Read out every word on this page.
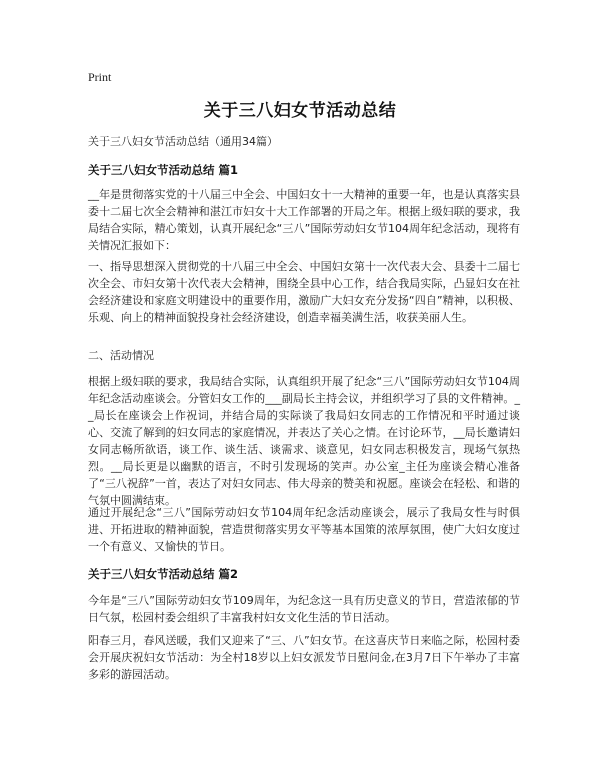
Print
关于三八妇女节活动总结
关于三八妇女节活动总结（通用34篇）
关于三八妇女节活动总结 篇1
__年是贯彻落实党的十八届三中全会、中国妇女十一大精神的重要一年，也是认真落实县委十二届七次全会精神和湛江市妇女十大工作部署的开局之年。根据上级妇联的要求，我局结合实际，精心策划，认真开展纪念“三八”国际劳动妇女节104周年纪念活动，现将有关情况汇报如下：
一、指导思想深入贯彻党的十八届三中全会、中国妇女第十一次代表大会、县委十二届七次全会、市妇女第十次代表大会精神，围绕全县中心工作，结合我局实际，凸显妇女在社会经济建设和家庭文明建设中的重要作用，激励广大妇女充分发扬“四自”精神，以积极、乐观、向上的精神面貌投身社会经济建设，创造幸福美满生活，收获美丽人生。
二、活动情况
根据上级妇联的要求，我局结合实际，认真组织开展了纪念“三八”国际劳动妇女节104周年纪念活动座谈会。分管妇女工作的___副局长主持会议，并组织学习了县的文件精神。__局长在座谈会上作祝词，并结合局的实际谈了我局妇女同志的工作情况和平时通过谈心、交流了解到的妇女同志的家庭情况，并表达了关心之情。在讨论环节，__局长邀请妇女同志畅所欲语，谈工作、谈生活、谈需求、谈意见，妇女同志积极发言，现场气氛热烈。__局长更是以幽默的语言，不时引发现场的笑声。办公室_主任为座谈会精心准备了“三八祝辞”一首，表达了对妇女同志、伟大母亲的赞美和祝愿。座谈会在轻松、和谐的气氛中圆满结束。
通过开展纪念“三八”国际劳动妇女节104周年纪念活动座谈会，展示了我局女性与时俱进、开拓进取的精神面貌，营造贯彻落实男女平等基本国策的浓厚氛围，使广大妇女度过一个有意义、又愉快的节日。
关于三八妇女节活动总结 篇2
今年是“三八”国际劳动妇女节109周年，为纪念这一具有历史意义的节日，营造浓郁的节日气氛，松园村委会组织了丰富我村妇女文化生活的节日活动。
阳春三月，春风送暖，我们又迎来了“三、八”妇女节。在这喜庆节日来临之际，松园村委会开展庆祝妇女节活动：为全村18岁以上妇女派发节日慰问金,在3月7日下午举办了丰富多彩的游园活动。
